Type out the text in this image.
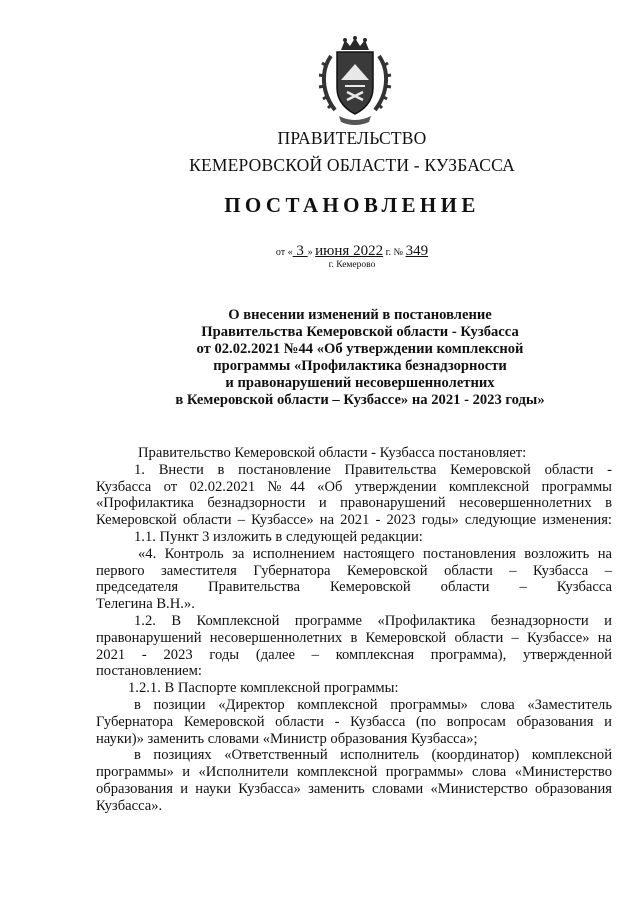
ПРАВИТЕЛЬСТВО
КЕМЕРОВСКОЙ ОБЛАСТИ - КУЗБАССА
ПОСТАНОВЛЕНИЕ
от « 3 » июня 2022 г. № 349
г. Кемерово
О внесении изменений в постановление
Правительства Кемеровской области - Кузбасса
от 02.02.2021 №44 «Об утверждении комплексной
программы «Профилактика безнадзорности
и правонарушений несовершеннолетних
в Кемеровской области – Кузбассе» на 2021 - 2023 годы»

Правительство Кемеровской области - Кузбасса постановляет:

1. Внести в постановление Правительства Кемеровской области -
Кузбасса от 02.02.2021 №44 «Об утверждении комплексной программы
«Профилактика безнадзорности и правонарушений несовершеннолетних в
Кемеровской области – Кузбассе» на 2021 - 2023 годы» следующие изменения:

1.1. Пункт 3 изложить в следующей редакции:

«4. Контроль за исполнением настоящего постановления возложить на
первого заместителя Губернатора Кемеровской области – Кузбасса –
председателя Правительства Кемеровской области – Кузбасса
Телегина В.Н.».
1.2. В Комплексной программе «Профилактика безнадзорности и
правонарушений несовершеннолетних в Кемеровской области – Кузбассе» на
2021 - 2023 годы (далее – комплексная программа), утвержденной
постановлением:

1.2.1. В Паспорте комплексной программы:

в позиции «Директор комплексной программы» слова «Заместитель
Губернатора Кемеровской области - Кузбасса (по вопросам образования и
науки)» заменить словами «Министр образования Кузбасса»;
в позициях «Ответственный исполнитель (координатор) комплексной
программы» и «Исполнители комплексной программы» слова «Министерство
образования и науки Кузбасса» заменить словами «Министерство образования
Кузбасса».
